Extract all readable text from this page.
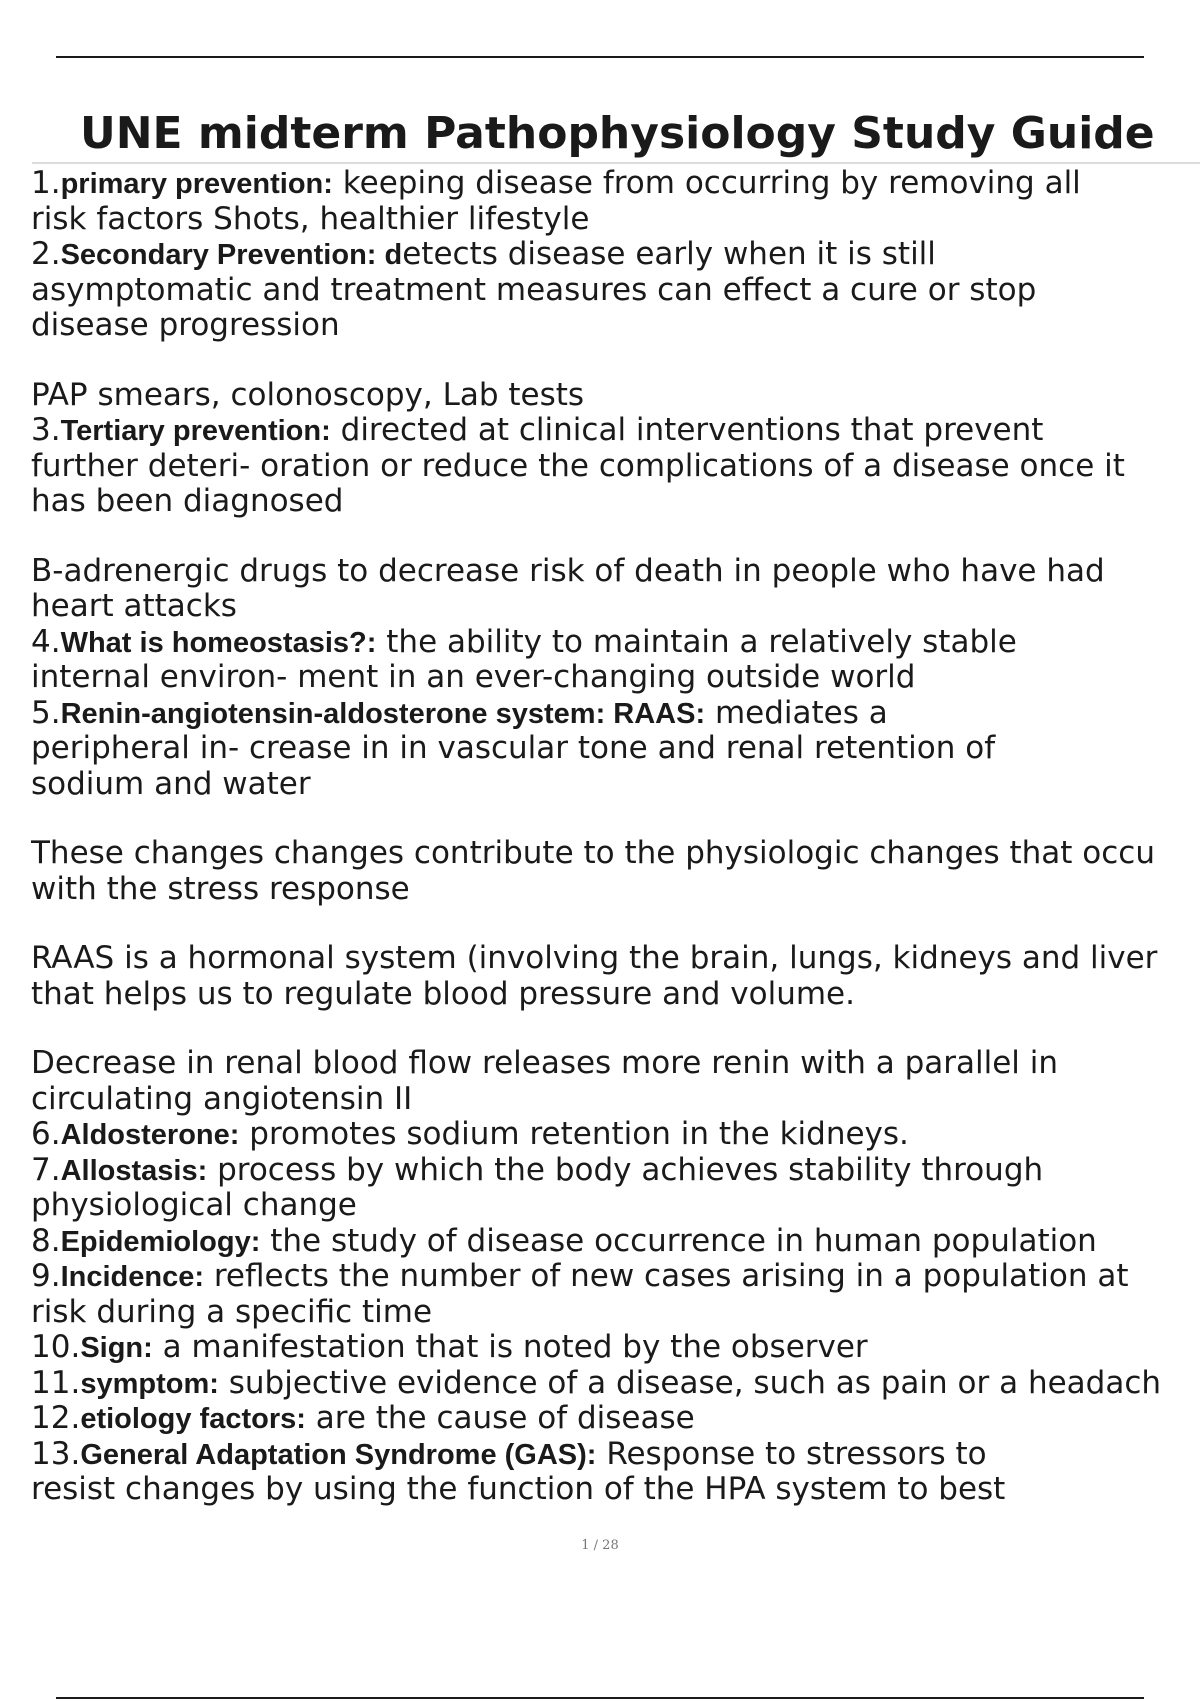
UNE midterm Pathophysiology Study Guide
1.primary prevention: keeping disease from occurring by removing all
risk factors Shots, healthier lifestyle
2.Secondary Prevention: detects disease early when it is still
asymptomatic and treatment measures can effect a cure or stop
disease progression
PAP smears, colonoscopy, Lab tests
3.Tertiary prevention: directed at clinical interventions that prevent
further deteri- oration or reduce the complications of a disease once it
has been diagnosed
B-adrenergic drugs to decrease risk of death in people who have had
heart attacks
4.What is homeostasis?: the ability to maintain a relatively stable
internal environ- ment in an ever-changing outside world
5.Renin-angiotensin-aldosterone system: RAAS: mediates a
peripheral in- crease in in vascular tone and renal retention of
sodium and water
These changes changes contribute to the physiologic changes that occu
with the stress response
RAAS is a hormonal system (involving the brain, lungs, kidneys and liver
that helps us to regulate blood pressure and volume.
Decrease in renal blood flow releases more renin with a parallel in
circulating angiotensin II
6.Aldosterone: promotes sodium retention in the kidneys.
7.Allostasis: process by which the body achieves stability through
physiological change
8.Epidemiology: the study of disease occurrence in human population
9.Incidence: reflects the number of new cases arising in a population at
risk during a specific time
10.Sign: a manifestation that is noted by the observer
11.symptom: subjective evidence of a disease, such as pain or a headach
12.etiology factors: are the cause of disease
13.General Adaptation Syndrome (GAS): Response to stressors to
resist changes by using the function of the HPA system to best
1 / 28
